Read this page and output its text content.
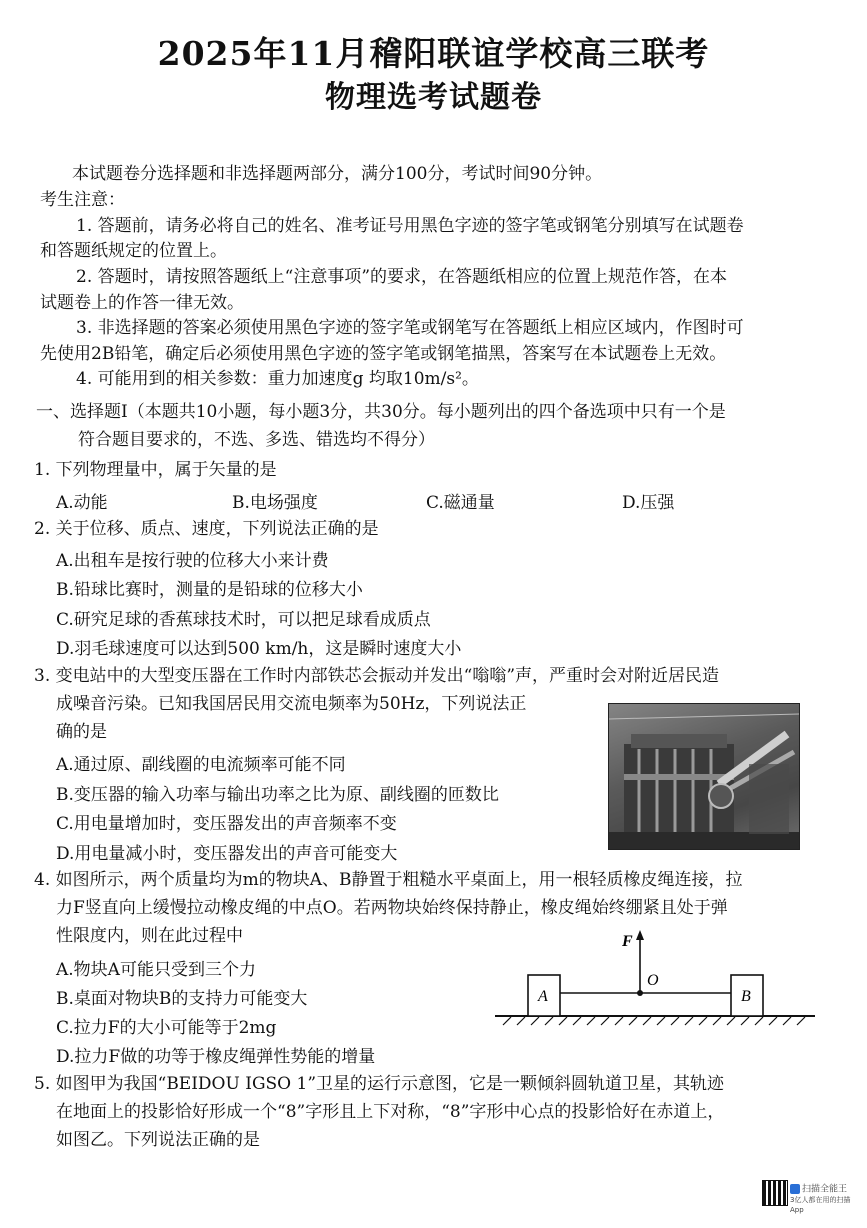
2025年11月稽阳联谊学校高三联考
物理选考试题卷
本试题卷分选择题和非选择题两部分，满分100分，考试时间90分钟。
考生注意：
1. 答题前，请务必将自己的姓名、准考证号用黑色字迹的签字笔或钢笔分别填写在试题卷
和答题纸规定的位置上。
2. 答题时，请按照答题纸上“注意事项”的要求，在答题纸相应的位置上规范作答，在本
试题卷上的作答一律无效。
3. 非选择题的答案必须使用黑色字迹的签字笔或钢笔写在答题纸上相应区域内，作图时可
先使用2B铅笔，确定后必须使用黑色字迹的签字笔或钢笔描黑，答案写在本试题卷上无效。
4. 可能用到的相关参数：重力加速度g 均取10m/s²。
一、选择题Ⅰ（本题共10小题，每小题3分，共30分。每小题列出的四个备选项中只有一个是
符合题目要求的，不选、多选、错选均不得分）
1. 下列物理量中，属于矢量的是
A.动能	B.电场强度	C.磁通量	D.压强
2. 关于位移、质点、速度，下列说法正确的是
A.出租车是按行驶的位移大小来计费
B.铅球比赛时，测量的是铅球的位移大小
C.研究足球的香蕉球技术时，可以把足球看成质点
D.羽毛球速度可以达到500 km/h，这是瞬时速度大小
3. 变电站中的大型变压器在工作时内部铁芯会振动并发出“嗡嗡”声，严重时会对附近居民造
成噪音污染。已知我国居民用交流电频率为50Hz，下列说法正
确的是
A.通过原、副线圈的电流频率可能不同
B.变压器的输入功率与输出功率之比为原、副线圈的匝数比
C.用电量增加时，变压器发出的声音频率不变
D.用电量减小时，变压器发出的声音可能变大
4. 如图所示，两个质量均为m的物块A、B静置于粗糙水平桌面上，用一根轻质橡皮绳连接，拉
力F竖直向上缓慢拉动橡皮绳的中点O。若两物块始终保持静止，橡皮绳始终绷紧且处于弹
性限度内，则在此过程中
A.物块A可能只受到三个力
B.桌面对物块B的支持力可能变大
C.拉力F的大小可能等于2mg
D.拉力F做的功等于橡皮绳弹性势能的增量
F
O
A	B
5. 如图甲为我国“BEIDOU IGSO 1”卫星的运行示意图，它是一颗倾斜圆轨道卫星，其轨迹
在地面上的投影恰好形成一个“8”字形且上下对称，“8”字形中心点的投影恰好在赤道上，
如图乙。下列说法正确的是
扫描全能王
3亿人都在用的扫描App
